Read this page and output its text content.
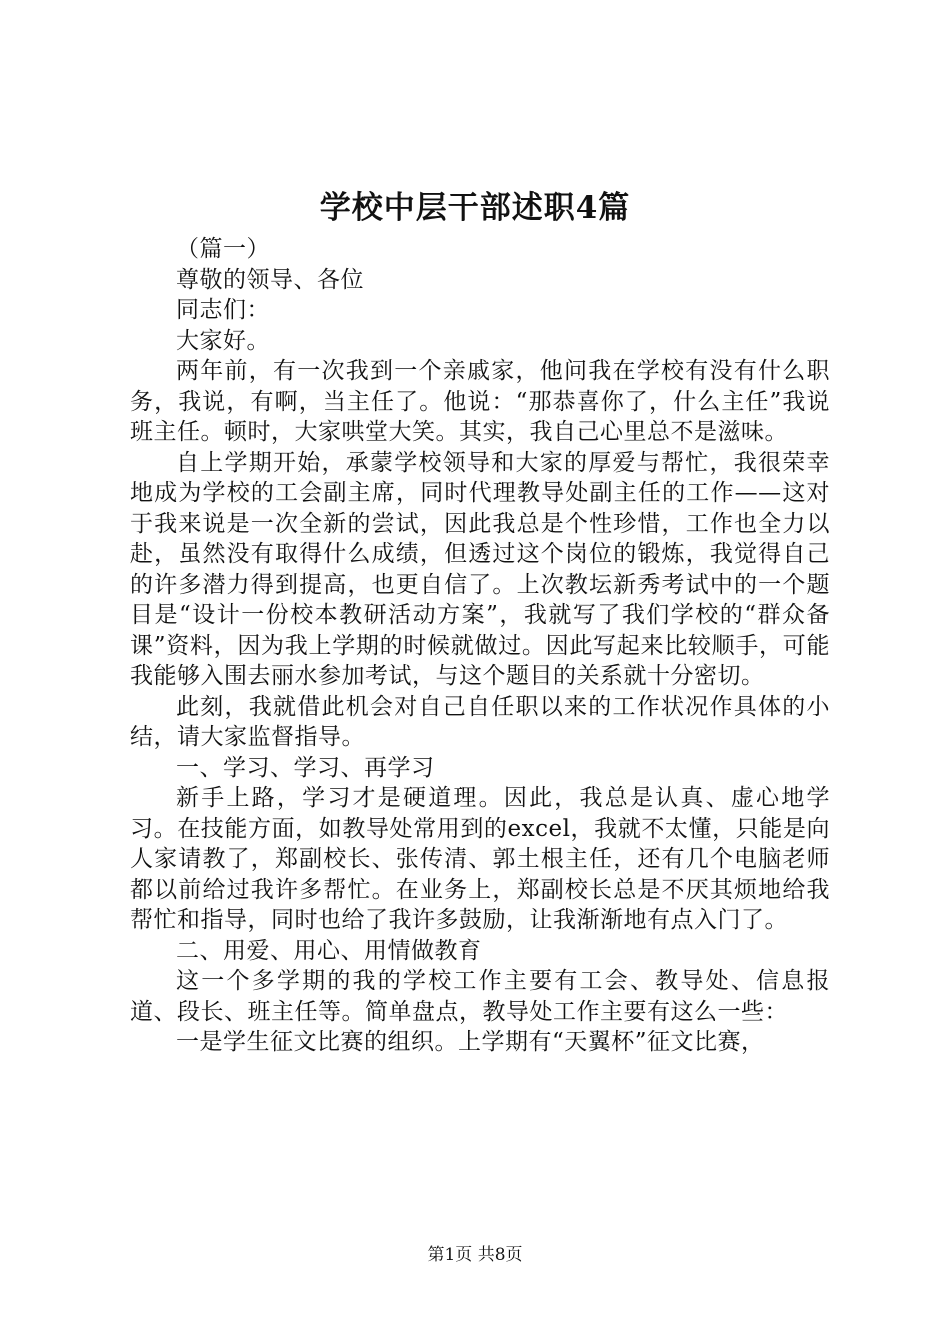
学校中层干部述职4篇

（篇一）

尊敬的领导、各位

同志们：

大家好。

两年前，有一次我到一个亲戚家，他问我在学校有没有什么职务，我说，有啊，当主任了。他说：“那恭喜你了，什么主任”我说班主任。顿时，大家哄堂大笑。其实，我自己心里总不是滋味。

自上学期开始，承蒙学校领导和大家的厚爱与帮忙，我很荣幸地成为学校的工会副主席，同时代理教导处副主任的工作——这对于我来说是一次全新的尝试，因此我总是个性珍惜，工作也全力以赴，虽然没有取得什么成绩，但透过这个岗位的锻炼，我觉得自己的许多潜力得到提高，也更自信了。上次教坛新秀考试中的一个题目是“设计一份校本教研活动方案”，我就写了我们学校的“群众备课”资料，因为我上学期的时候就做过。因此写起来比较顺手，可能我能够入围去丽水参加考试，与这个题目的关系就十分密切。

此刻，我就借此机会对自己自任职以来的工作状况作具体的小结，请大家监督指导。

一、学习、学习、再学习

新手上路，学习才是硬道理。因此，我总是认真、虚心地学习。在技能方面，如教导处常用到的excel，我就不太懂，只能是向人家请教了，郑副校长、张传清、郭土根主任，还有几个电脑老师都以前给过我许多帮忙。在业务上，郑副校长总是不厌其烦地给我帮忙和指导，同时也给了我许多鼓励，让我渐渐地有点入门了。

二、用爱、用心、用情做教育

这一个多学期的我的学校工作主要有工会、教导处、信息报道、段长、班主任等。简单盘点，教导处工作主要有这么一些：

一是学生征文比赛的组织。上学期有“天翼杯”征文比赛，

第1页 共8页
